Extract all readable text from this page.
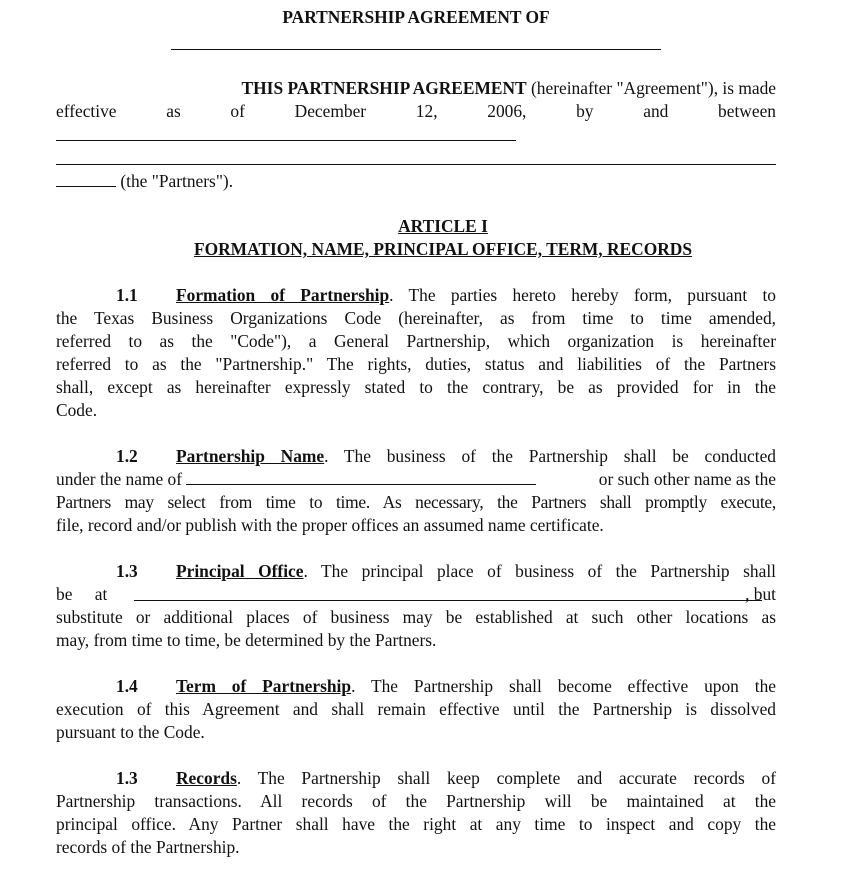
PARTNERSHIP AGREEMENT OF
THIS PARTNERSHIP AGREEMENT (hereinafter "Agreement"), is made
effective as of December 12, 2006, by and between
(the "Partners").
ARTICLE I
FORMATION, NAME, PRINCIPAL OFFICE, TERM, RECORDS
1.1 Formation of Partnership. The parties hereto hereby form, pursuant to
the Texas Business Organizations Code (hereinafter, as from time to time amended,
referred to as the "Code"), a General Partnership, which organization is hereinafter
referred to as the "Partnership." The rights, duties, status and liabilities of the Partners
shall, except as hereinafter expressly stated to the contrary, be as provided for in the
Code.
1.2 Partnership Name. The business of the Partnership shall be conducted
under the name of	or such other name as the
Partners may select from time to time. As necessary, the Partners shall promptly execute,
file, record and/or publish with the proper offices an assumed name certificate.
1.3 Principal Office. The principal place of business of the Partnership shall
be at	, but
substitute or additional places of business may be established at such other locations as
may, from time to time, be determined by the Partners.
1.4 Term of Partnership. The Partnership shall become effective upon the
execution of this Agreement and shall remain effective until the Partnership is dissolved
pursuant to the Code.
1.3 Records. The Partnership shall keep complete and accurate records of
Partnership transactions. All records of the Partnership will be maintained at the
principal office. Any Partner shall have the right at any time to inspect and copy the
records of the Partnership.
